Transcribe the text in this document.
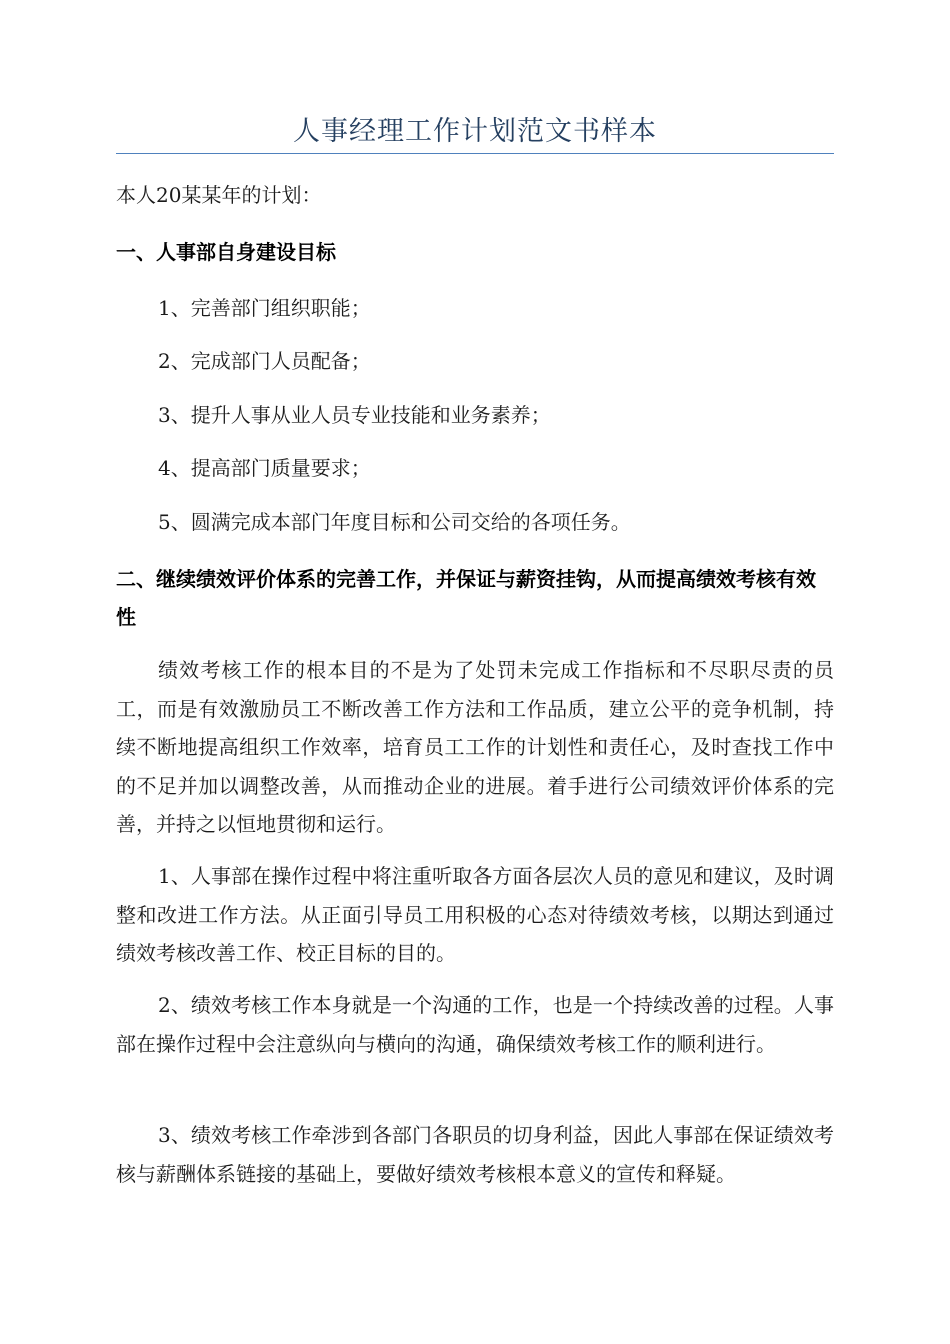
人事经理工作计划范文书样本
本人20某某年的计划：
一、人事部自身建设目标
1、完善部门组织职能；
2、完成部门人员配备；
3、提升人事从业人员专业技能和业务素养；
4、提高部门质量要求；
5、圆满完成本部门年度目标和公司交给的各项任务。
二、继续绩效评价体系的完善工作，并保证与薪资挂钩，从而提高绩效考核有效性

绩效考核工作的根本目的不是为了处罚未完成工作指标和不尽职尽责的员工，而是有效激励员工不断改善工作方法和工作品质，建立公平的竞争机制，持续不断地提高组织工作效率，培育员工工作的计划性和责任心，及时查找工作中的不足并加以调整改善，从而推动企业的进展。着手进行公司绩效评价体系的完善，并持之以恒地贯彻和运行。

1、人事部在操作过程中将注重听取各方面各层次人员的意见和建议，及时调整和改进工作方法。从正面引导员工用积极的心态对待绩效考核，以期达到通过绩效考核改善工作、校正目标的目的。

2、绩效考核工作本身就是一个沟通的工作，也是一个持续改善的过程。人事部在操作过程中会注意纵向与横向的沟通，确保绩效考核工作的顺利进行。

3、绩效考核工作牵涉到各部门各职员的切身利益，因此人事部在保证绩效考核与薪酬体系链接的基础上，要做好绩效考核根本意义的宣传和释疑。
